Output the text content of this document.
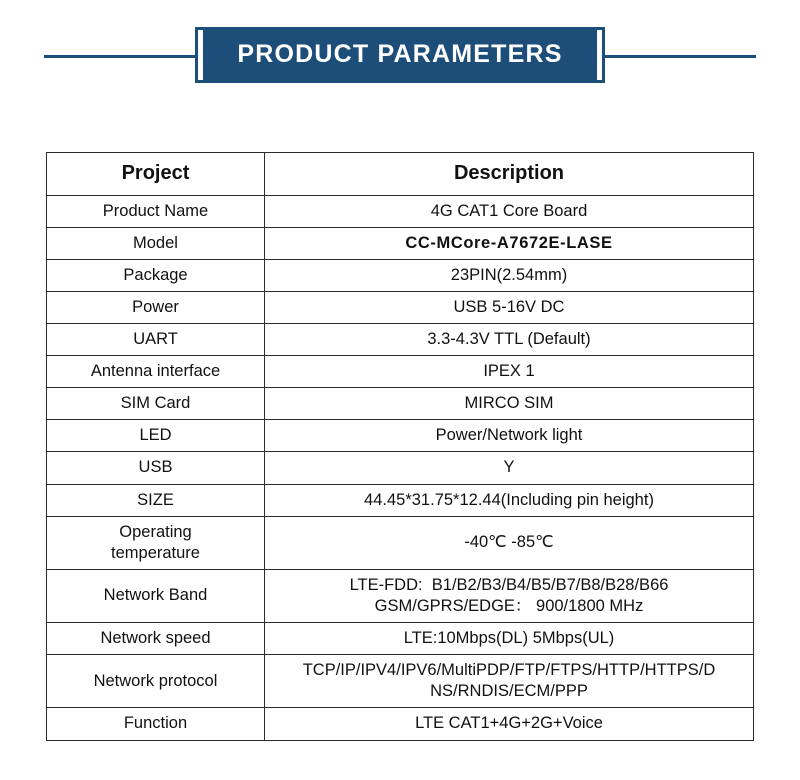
PRODUCT PARAMETERS
Project	Description
Product Name	4G CAT1 Core Board
Model	CC-MCore-A7672E-LASE
Package	23PIN(2.54mm)
Power	USB 5-16V DC
UART	3.3-4.3V TTL (Default)
Antenna interface	IPEX 1
SIM Card	MIRCO SIM
LED	Power/Network light
USB	Y
SIZE	44.45*31.75*12.44(Including pin height)

Operating
temperature	-40℃ -85℃
Network Band	LTE-FDD:  B1/B2/B3/B4/B5/B7/B8/B28/B66
GSM/GPRS/EDGE： 900/1800 MHz

Network speed	LTE:10Mbps(DL) 5Mbps(UL)
Network protocol	TCP/IP/IPV4/IPV6/MultiPDP/FTP/FTPS/HTTP/HTTPS/D
NS/RNDIS/ECM/PPP

Function	LTE CAT1+4G+2G+Voice
